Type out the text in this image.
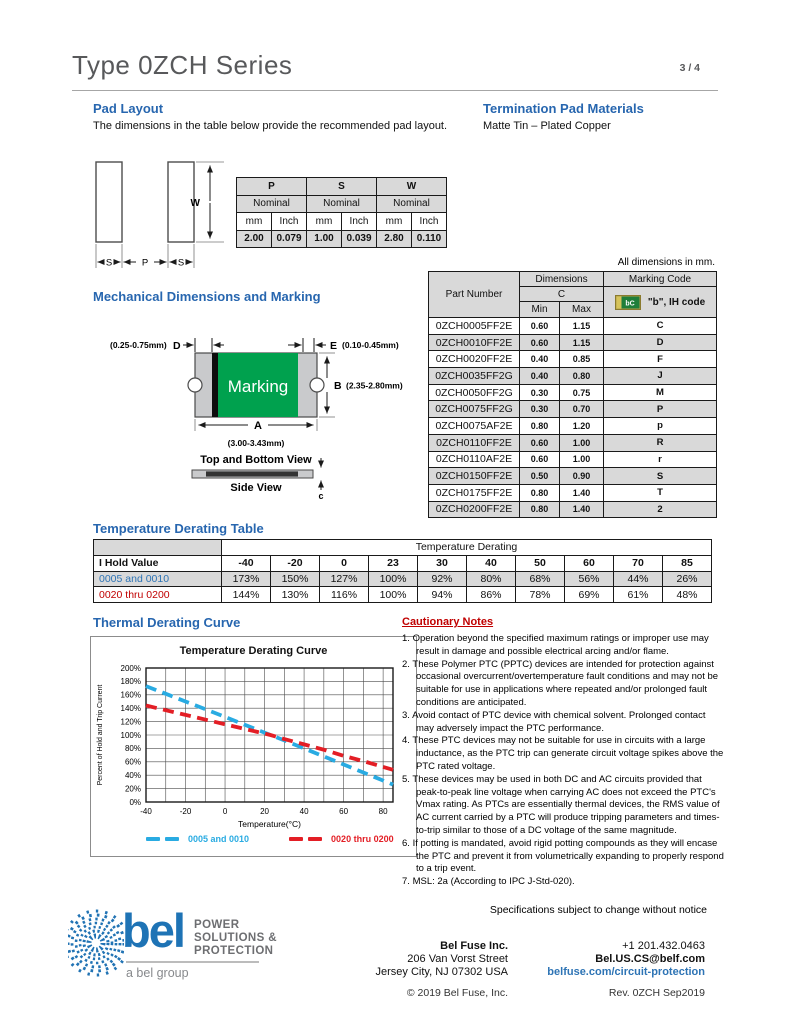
Type 0ZCH Series	3 / 4
Pad Layout
The dimensions in the table below provide the recommended pad layout.
W
S	P	S
P		S		W	
Nominal		Nominal		Nominal	
mm	Inch	mm	Inch	mm	Inch
2.00	0.079	1.00	0.039	2.80	0.110
Termination Pad Materials
Matte Tin – Plated Copper
All dimensions in mm.
Part Number	Dimensions		Marking Code
	C		bC "b", IH code

	Min	Max	
0ZCH0005FF2E	0.60	1.15	C
0ZCH0010FF2E	0.60	1.15	D
0ZCH0020FF2E	0.40	0.85	F
0ZCH0035FF2G	0.40	0.80	J
0ZCH0050FF2G	0.30	0.75	M
0ZCH0075FF2G	0.30	0.70	P
0ZCH0075AF2E	0.80	1.20	p
0ZCH0110FF2E	0.60	1.00	R
0ZCH0110AF2E	0.60	1.00	r
0ZCH0150FF2E	0.50	0.90	S
0ZCH0175FF2E	0.80	1.40	T
0ZCH0200FF2E	0.80	1.40	2
Mechanical Dimensions and Marking
(0.25-0.75mm) D	E (0.10-0.45mm)
Marking	B (2.35-2.80mm)
A
(3.00-3.43mm)
Top and Bottom View
c
Side View
Temperature Derating Table
	Temperature Derating									
I Hold Value	-40	-20	0	23	30	40	50	60	70	85
0005 and 0010	173%	150%	127%	100%	92%	80%	68%	56%	44%	26%
0020 thru 0200	144%	130%	116%	100%	94%	86%	78%	69%	61%	48%
Thermal Derating Curve
Temperature Derating Curve
0%
20%
40%
60%
80%
100%
120%
140%
160%
180%
200%
-40	-20	0	20	40	60	80
Temperature(°C)
Percent of Hold and Trip Current
0005 and 0010	0020 thru 0200
Cautionary Notes
Operation beyond the specified maximum ratings or improper use may result in damage and possible electrical arcing and/or flame.
These Polymer PTC (PPTC) devices are intended for protection against occasional overcurrent/overtemperature fault conditions and may not be suitable for use in applications where repeated and/or prolonged fault conditions are anticipated.
Avoid contact of PTC device with chemical solvent. Prolonged contact may adversely impact the PTC performance.
These PTC devices may not be suitable for use in circuits with a large inductance, as the PTC trip can generate circuit voltage spikes above the PTC rated voltage.
These devices may be used in both DC and AC circuits provided that peak-to-peak line voltage when carrying AC does not exceed the PTC's Vmax rating. As PTCs are essentially thermal devices, the RMS value of AC current carried by a PTC will produce tripping parameters and times-to-trip similar to those of a DC voltage of the same magnitude.
If potting is mandated, avoid rigid potting compounds as they will encase the PTC and prevent it from volumetrically expanding to properly respond to a trip event.
MSL: 2a (According to IPC J-Std-020).
Specifications subject to change without notice
bel POWER
SOLUTIONS &
PROTECTION
a bel group
Bel Fuse Inc.
206 Van Vorst Street
Jersey City, NJ 07302 USA
© 2019 Bel Fuse, Inc.
+1 201.432.0463
Bel.US.CS@belf.com
belfuse.com/circuit-protection
Rev. 0ZCH Sep2019
